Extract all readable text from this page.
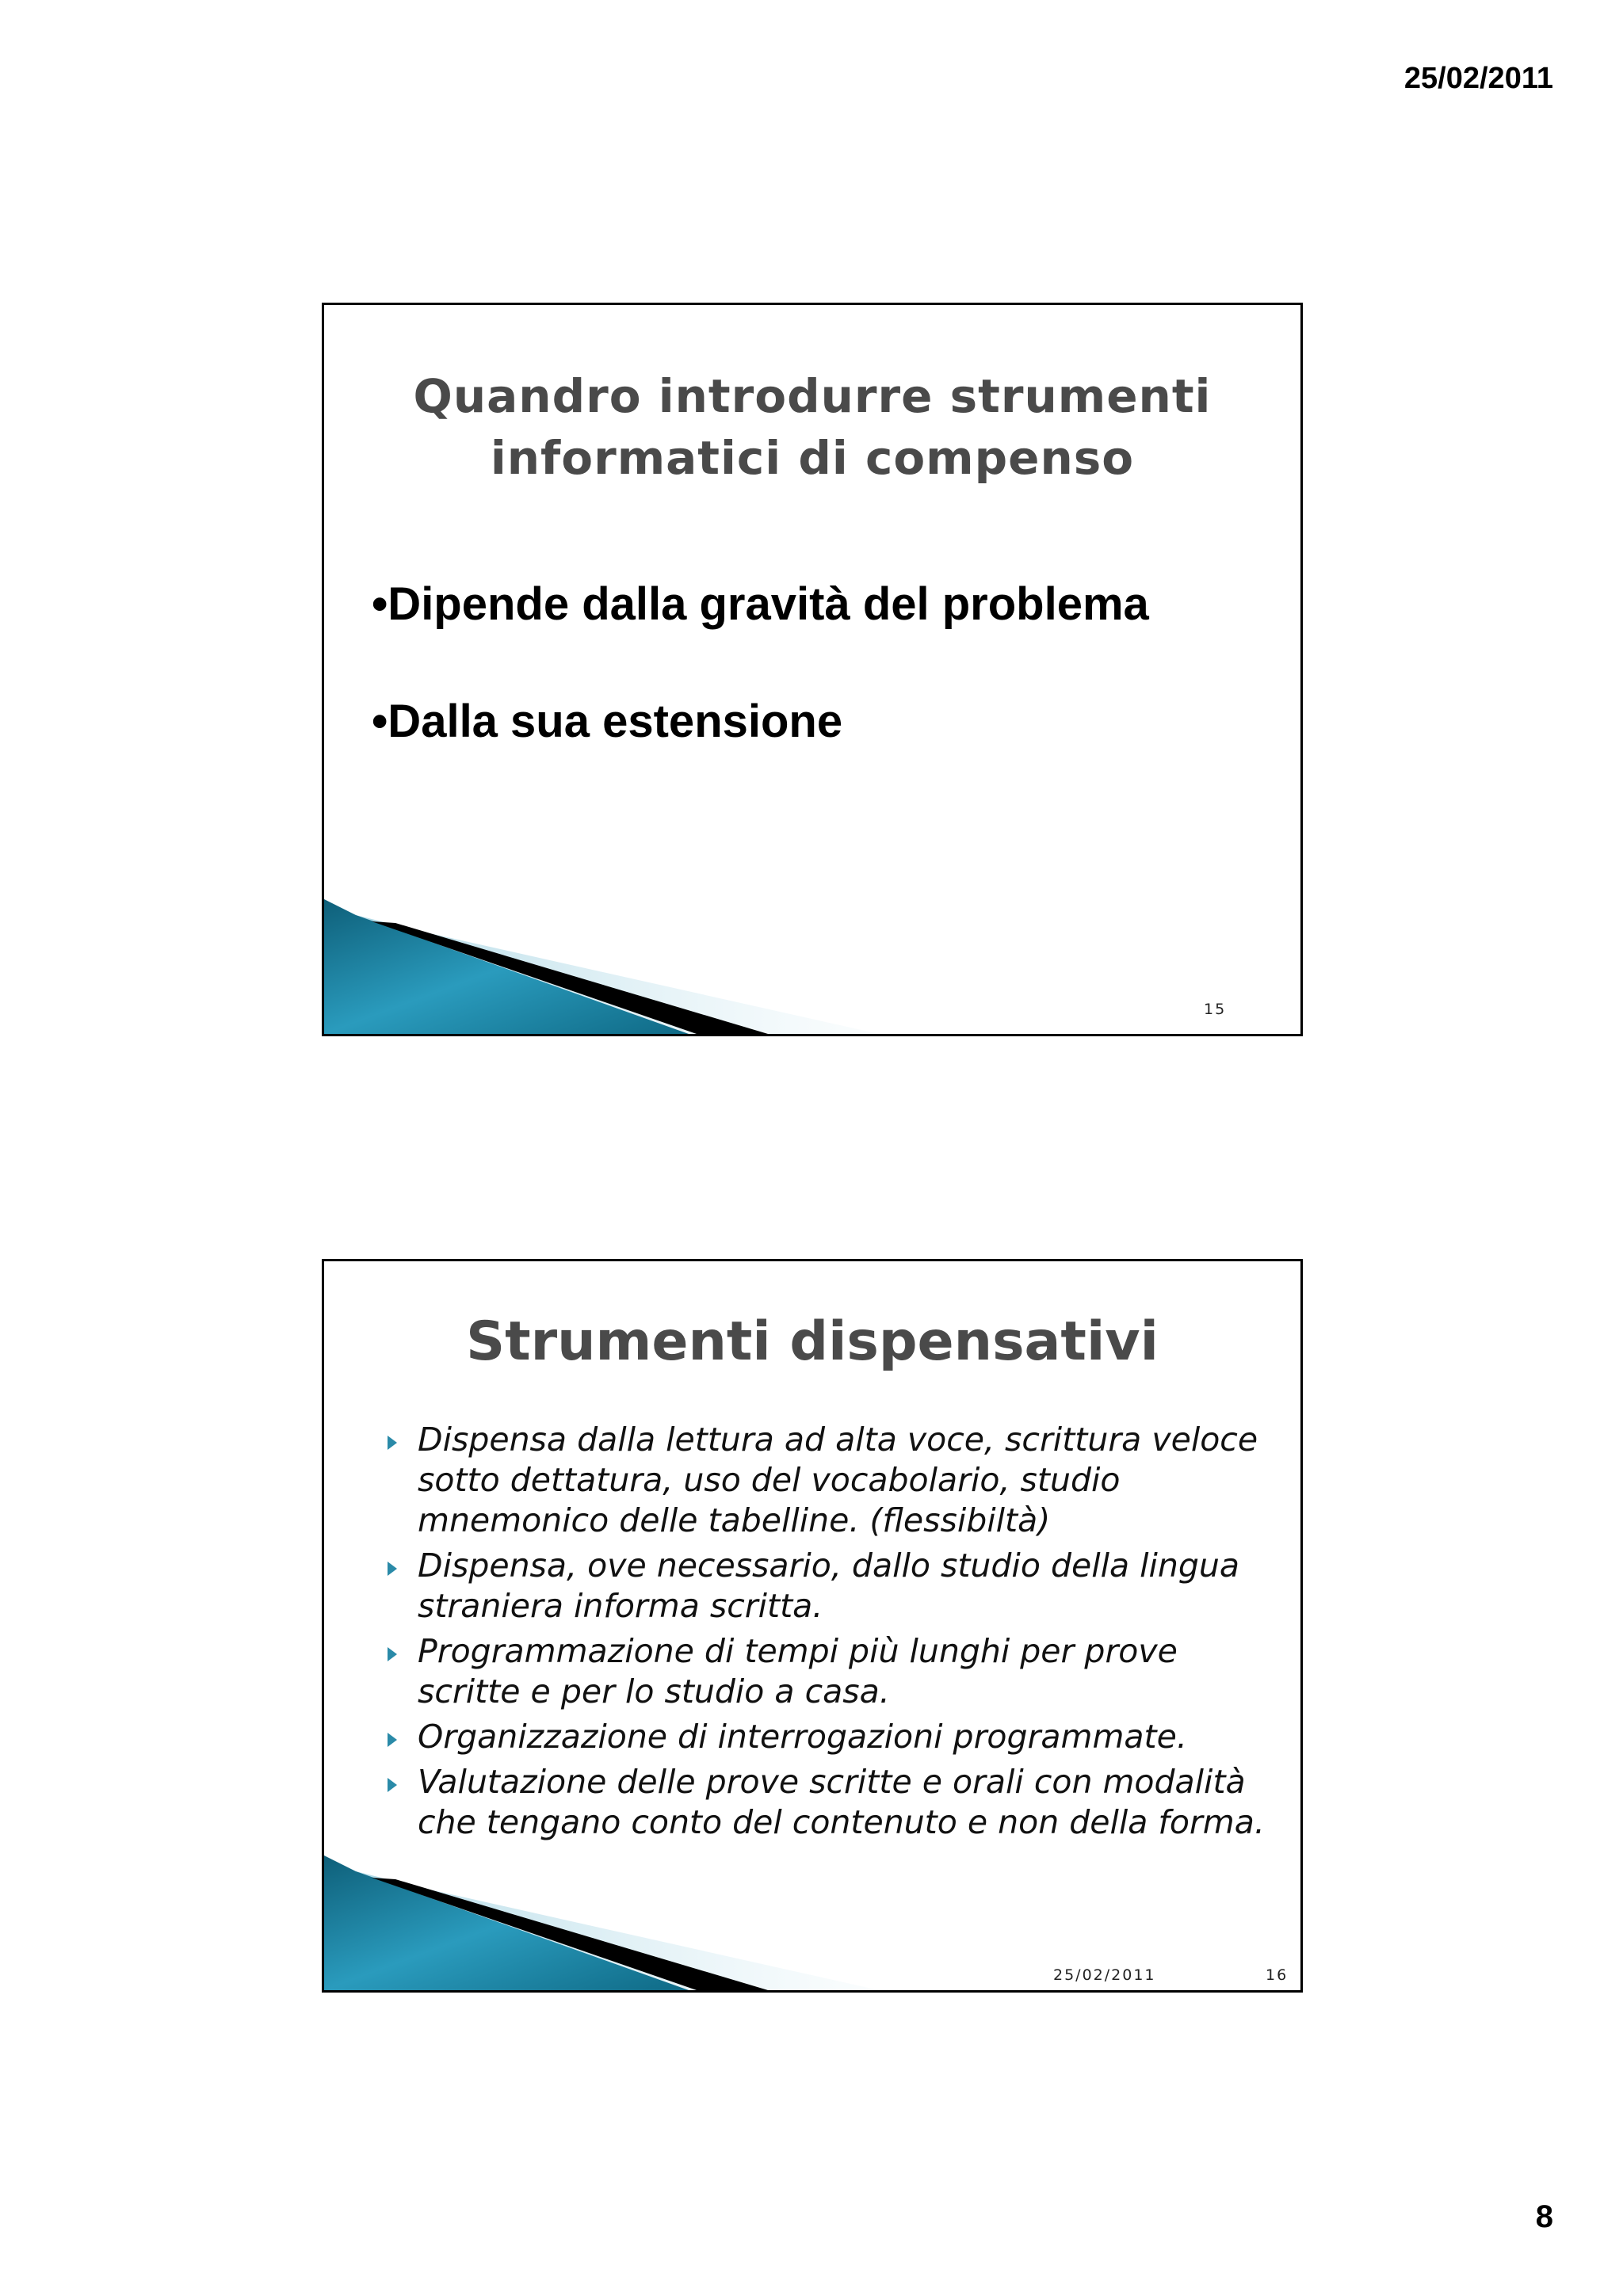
25/02/2011
Quandro introdurre strumenti
informatici di compenso
•Dipende dalla gravità del problema
•Dalla sua estensione
15
Strumenti dispensativi
Dispensa dalla lettura ad alta voce, scrittura veloce sotto dettatura, uso del vocabolario, studio mnemonico delle tabelline. (flessibiltà)
Dispensa, ove necessario, dallo studio della lingua straniera informa scritta.
Programmazione di tempi più lunghi per prove scritte e per lo studio a casa.
Organizzazione di interrogazioni programmate.
Valutazione delle prove scritte e orali con modalità che tengano conto del contenuto e non della forma.
25/02/2011	16
8
